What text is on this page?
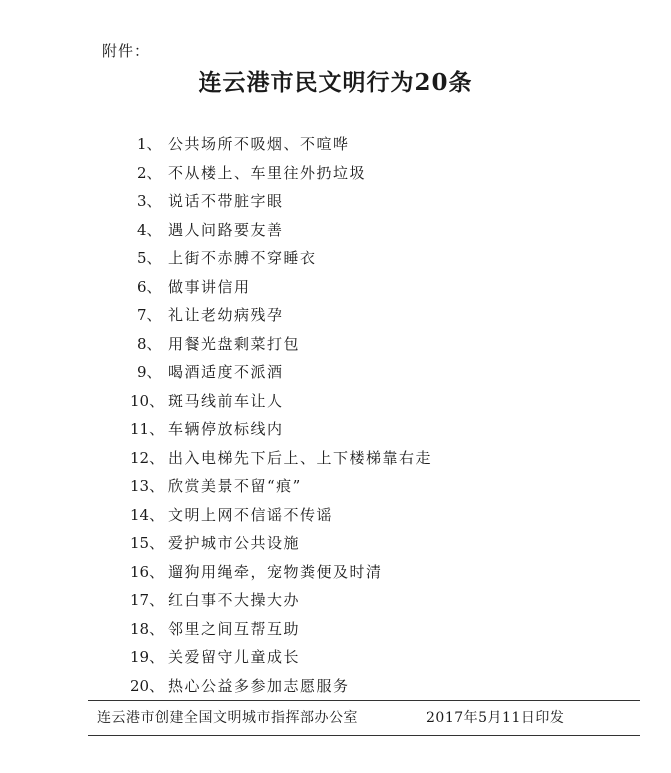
附件：
连云港市民文明行为20条
1、 公共场所不吸烟、不喧哗
2、 不从楼上、车里往外扔垃圾
3、 说话不带脏字眼
4、 遇人问路要友善
5、 上街不赤膊不穿睡衣
6、 做事讲信用
7、 礼让老幼病残孕
8、 用餐光盘剩菜打包
9、 喝酒适度不派酒
10、 斑马线前车让人
11、 车辆停放标线内
12、 出入电梯先下后上、上下楼梯靠右走
13、 欣赏美景不留“痕”
14、 文明上网不信谣不传谣
15、 爱护城市公共设施
16、 遛狗用绳牵，宠物粪便及时清
17、 红白事不大操大办
18、 邻里之间互帮互助
19、 关爱留守儿童成长
20、 热心公益多参加志愿服务
连云港市创建全国文明城市指挥部办公室	2017年5月11日印发
